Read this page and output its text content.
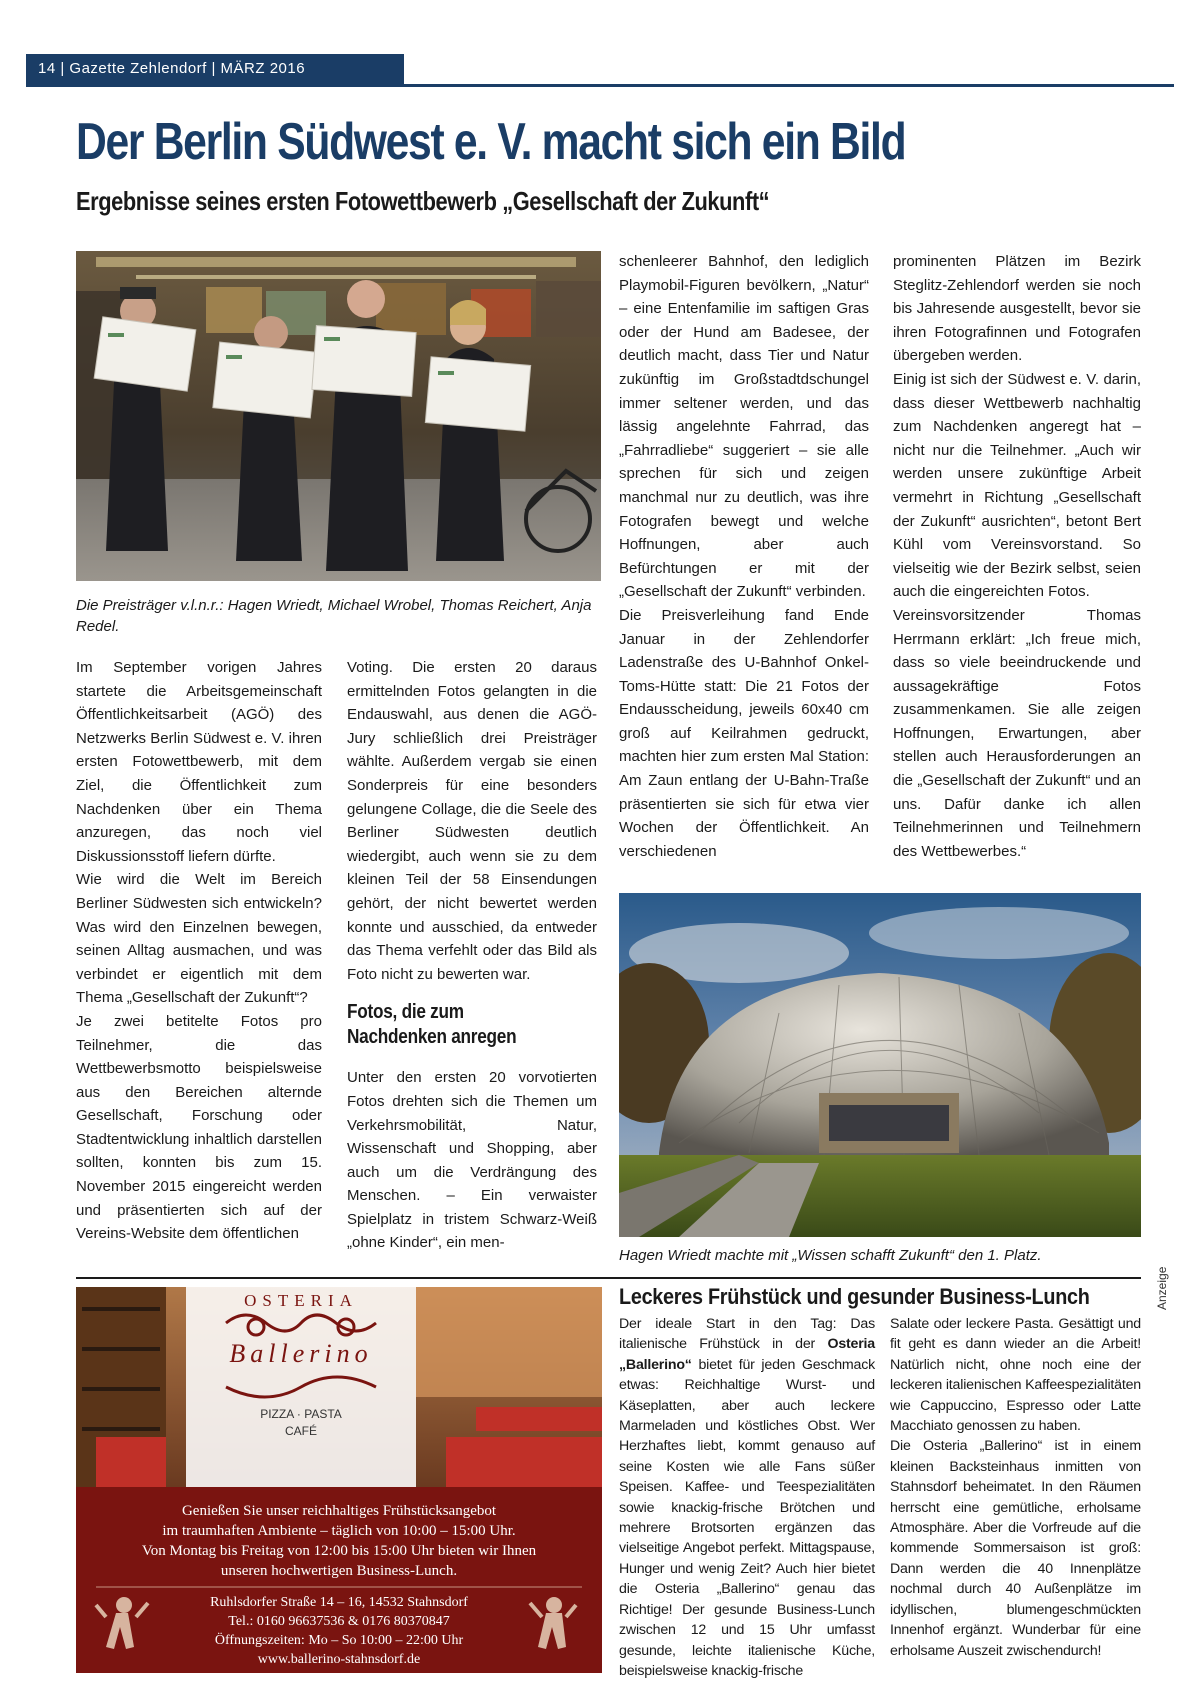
14 | Gazette Zehlendorf | MÄRZ 2016
Der Berlin Südwest e. V. macht sich ein Bild
Ergebnisse seines ersten Fotowettbewerb „Gesellschaft der Zukunft“
Die Preisträger v.l.n.r.: Hagen Wriedt, Michael Wrobel, Thomas Reichert, Anja Redel.

Im September vorigen Jahres startete die Arbeitsgemeinschaft Öffentlichkeitsarbeit (AGÖ) des Netzwerks Berlin Südwest e. V. ihren ersten Fotowettbewerb, mit dem Ziel, die Öffentlichkeit zum Nachdenken über ein Thema anzuregen, das noch viel Diskussionsstoff liefern dürfte.

Wie wird die Welt im Bereich Berliner Südwesten sich entwickeln? Was wird den Einzelnen bewegen, seinen Alltag ausmachen, und was verbindet er eigentlich mit dem Thema „Gesellschaft der Zukunft“?

Je zwei betitelte Fotos pro Teilnehmer, die das Wettbewerbsmotto beispielsweise aus den Bereichen alternde Gesellschaft, Forschung oder Stadtentwicklung inhaltlich darstellen sollten, konnten bis zum 15. November 2015 eingereicht werden und präsentierten sich auf der Vereins-Website dem öffentlichen

Voting. Die ersten 20 daraus ermittelnden Fotos gelangten in die Endauswahl, aus denen die AGÖ-Jury schließlich drei Preisträger wählte. Außerdem vergab sie einen Sonderpreis für eine besonders gelungene Collage, die die Seele des Berliner Südwesten deutlich wiedergibt, auch wenn sie zu dem kleinen Teil der 58 Einsendungen gehört, der nicht bewertet werden konnte und ausschied, da entweder das Thema verfehlt oder das Bild als Foto nicht zu bewerten war.

Fotos, die zum
Nachdenken anregen

Unter den ersten 20 vorvotierten Fotos drehten sich die Themen um Verkehrsmobilität, Natur, Wissenschaft und Shopping, aber auch um die Verdrängung des Menschen. – Ein verwaister Spielplatz in tristem Schwarz-Weiß „ohne Kinder“, ein men-

schenleerer Bahnhof, den lediglich Playmobil-Figuren bevölkern, „Natur“ – eine Entenfamilie im saftigen Gras oder der Hund am Badesee, der deutlich macht, dass Tier und Natur zukünftig im Großstadtdschungel immer seltener werden, und das lässig angelehnte Fahrrad, das „Fahrradliebe“ suggeriert – sie alle sprechen für sich und zeigen manchmal nur zu deutlich, was ihre Fotografen bewegt und welche Hoffnungen, aber auch Befürchtungen er mit der „Gesellschaft der Zukunft“ verbinden.

Die Preisverleihung fand Ende Januar in der Zehlendorfer Ladenstraße des U-Bahnhof Onkel-Toms-Hütte statt: Die 21 Fotos der Endausscheidung, jeweils 60x40 cm groß auf Keilrahmen gedruckt, machten hier zum ersten Mal Station: Am Zaun entlang der U-Bahn-Traße präsentierten sie sich für etwa vier Wochen der Öffentlichkeit. An verschiedenen

prominenten Plätzen im Bezirk Steglitz-Zehlendorf werden sie noch bis Jahresende ausgestellt, bevor sie ihren Fotografinnen und Fotografen übergeben werden.

Einig ist sich der Südwest e. V. darin, dass dieser Wettbewerb nachhaltig zum Nachdenken angeregt hat – nicht nur die Teilnehmer. „Auch wir werden unsere zukünftige Arbeit vermehrt in Richtung „Gesellschaft der Zukunft“ ausrichten“, betont Bert Kühl vom Vereinsvorstand. So vielseitig wie der Bezirk selbst, seien auch die eingereichten Fotos.

Vereinsvorsitzender Thomas Herrmann erklärt: „Ich freue mich, dass so viele beeindruckende und aussagekräftige Fotos zusammenkamen. Sie alle zeigen Hoffnungen, Erwartungen, aber stellen auch Herausforderungen an die „Gesellschaft der Zukunft“ und an uns. Dafür danke ich allen Teilnehmerinnen und Teilnehmern des Wettbewerbes.“

Hagen Wriedt machte mit „Wissen schafft Zukunft“ den 1. Platz.
Anzeige
OSTERIA
Ballerino
PIZZA · PASTA
CAFÉ
Genießen Sie unser reichhaltiges Frühstücksangebot
im traumhaften Ambiente – täglich von 10:00 – 15:00 Uhr.
Von Montag bis Freitag von 12:00 bis 15:00 Uhr bieten wir Ihnen
unseren hochwertigen Business-Lunch.
Ruhlsdorfer Straße 14 – 16, 14532 Stahnsdorf
Tel.: 0160 96637536 & 0176 80370847
Öffnungszeiten: Mo – So 10:00 – 22:00 Uhr
www.ballerino-stahnsdorf.de
Leckeres Frühstück und gesunder Business-Lunch
Der ideale Start in den Tag: Das italienische Frühstück in der Osteria „Ballerino“ bietet für jeden Geschmack etwas: Reichhaltige Wurst- und Käseplatten, aber auch leckere Marmeladen und köstliches Obst. Wer Herzhaftes liebt, kommt genauso auf seine Kosten wie alle Fans süßer Speisen. Kaffee- und Teespezialitäten sowie knackig-frische Brötchen und mehrere Brotsorten ergänzen das vielseitige Angebot perfekt. Mittagspause, Hunger und wenig Zeit? Auch hier bietet die Osteria „Ballerino“ genau das Richtige! Der gesunde Business-Lunch zwischen 12 und 15 Uhr umfasst gesunde, leichte italienische Küche, beispielsweise knackig-frische

Salate oder leckere Pasta. Gesättigt und fit geht es dann wieder an die Arbeit! Natürlich nicht, ohne noch eine der leckeren italienischen Kaffeespezialitäten wie Cappuccino, Espresso oder Latte Macchiato genossen zu haben.

Die Osteria „Ballerino“ ist in einem kleinen Backsteinhaus inmitten von Stahnsdorf beheimatet. In den Räumen herrscht eine gemütliche, erholsame Atmosphäre. Aber die Vorfreude auf die kommende Sommersaison ist groß: Dann werden die 40 Innenplätze nochmal durch 40 Außenplätze im idyllischen, blumengeschmückten Innenhof ergänzt. Wunderbar für eine erholsame Auszeit zwischendurch!
